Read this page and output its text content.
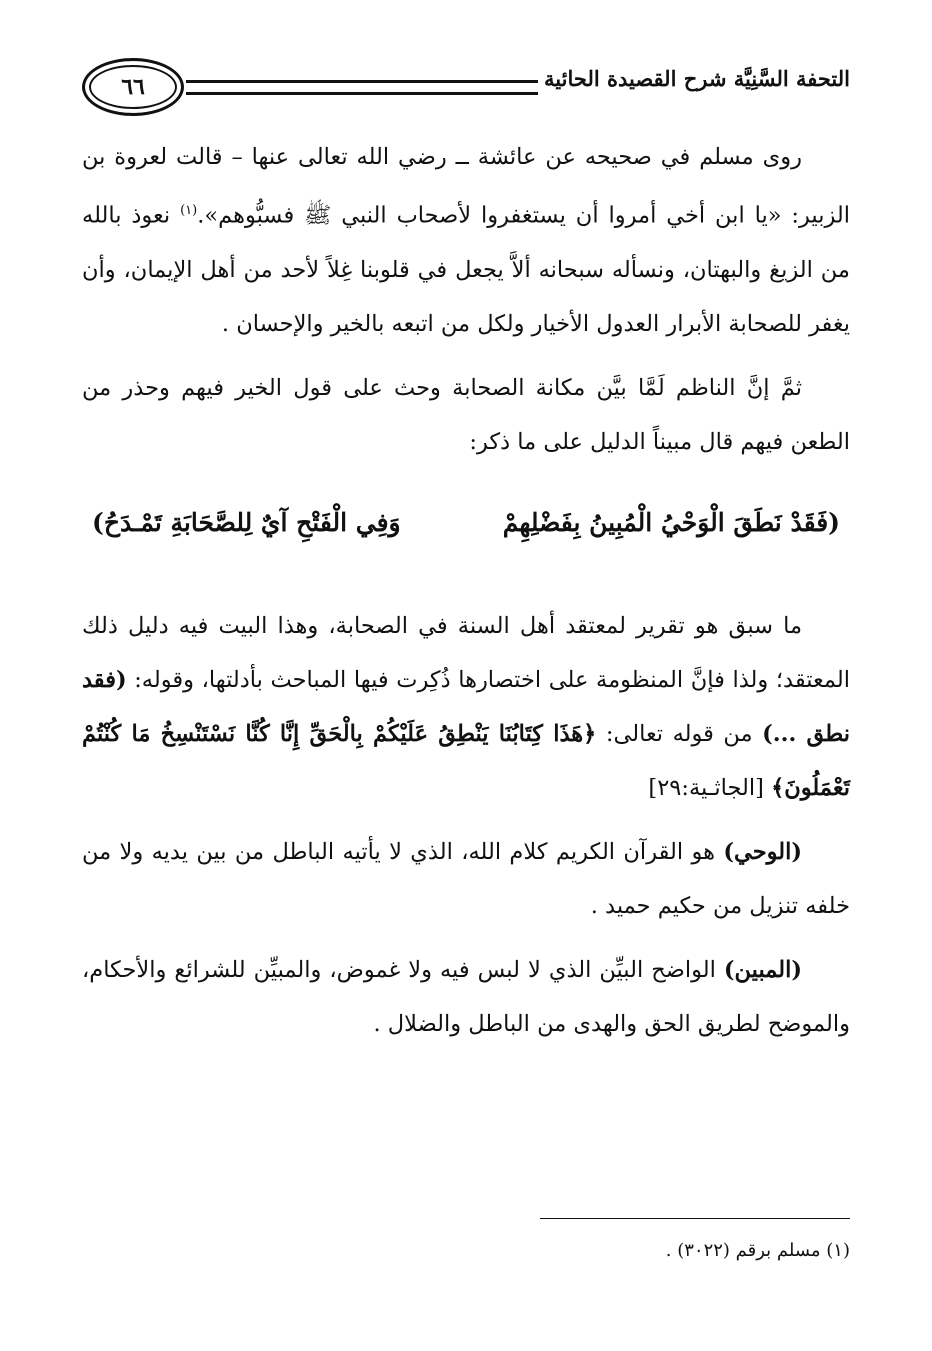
٦٦	التحفة السَّنِيَّة شرح القصيدة الحائية

روى مسلم في صحيحه عن عائشة ــ رضي الله تعالى عنها – قالت لعروة بن الزبير: «يا ابن أخي أمروا أن يستغفروا لأصحاب النبي ﷺ فسبُّوهم».$^{(١)}$ نعوذ بالله من الزيغ والبهتان، ونسأله سبحانه ألاَّ يجعل في قلوبنا غِلاً لأحد من أهل الإيمان، وأن يغفر للصحابة الأبرار العدول الأخيار ولكل من اتبعه بالخير والإحسان .

ثمَّ إنَّ الناظم لَمَّا بيَّن مكانة الصحابة وحث على قول الخير فيهم وحذر من الطعن فيهم قال مبيناً الدليل على ما ذكر:

(فَقَدْ نَطَقَ الْوَحْيُ الْمُبِينُ بِفَضْلِهِمْ
وَفِي الْفَتْحِ آيٌ لِلصَّحَابَةِ تَمْـدَحُ)

ما سبق هو تقرير لمعتقد أهل السنة في الصحابة، وهذا البيت فيه دليل ذلك المعتقد؛ ولذا فإنَّ المنظومة على اختصارها ذُكِرت فيها المباحث بأدلتها، وقوله: (فقد نطق ...) من قوله تعالى: ﴿هَذَا كِتَابُنَا يَنْطِقُ عَلَيْكُمْ بِالْحَقِّ إِنَّا كُنَّا نَسْتَنْسِخُ مَا كُنْتُمْ تَعْمَلُونَ﴾ [الجاثـية:٢٩]

(الوحي) هو القرآن الكريم كلام الله، الذي لا يأتيه الباطل من بين يديه ولا من خلفه تنزيل من حكيم حميد .

(المبين) الواضح البيِّن الذي لا لبس فيه ولا غموض، والمبيِّن للشرائع والأحكام، والموضح لطريق الحق والهدى من الباطل والضلال .

(١) مسلم برقم (٣٠٢٢) .
